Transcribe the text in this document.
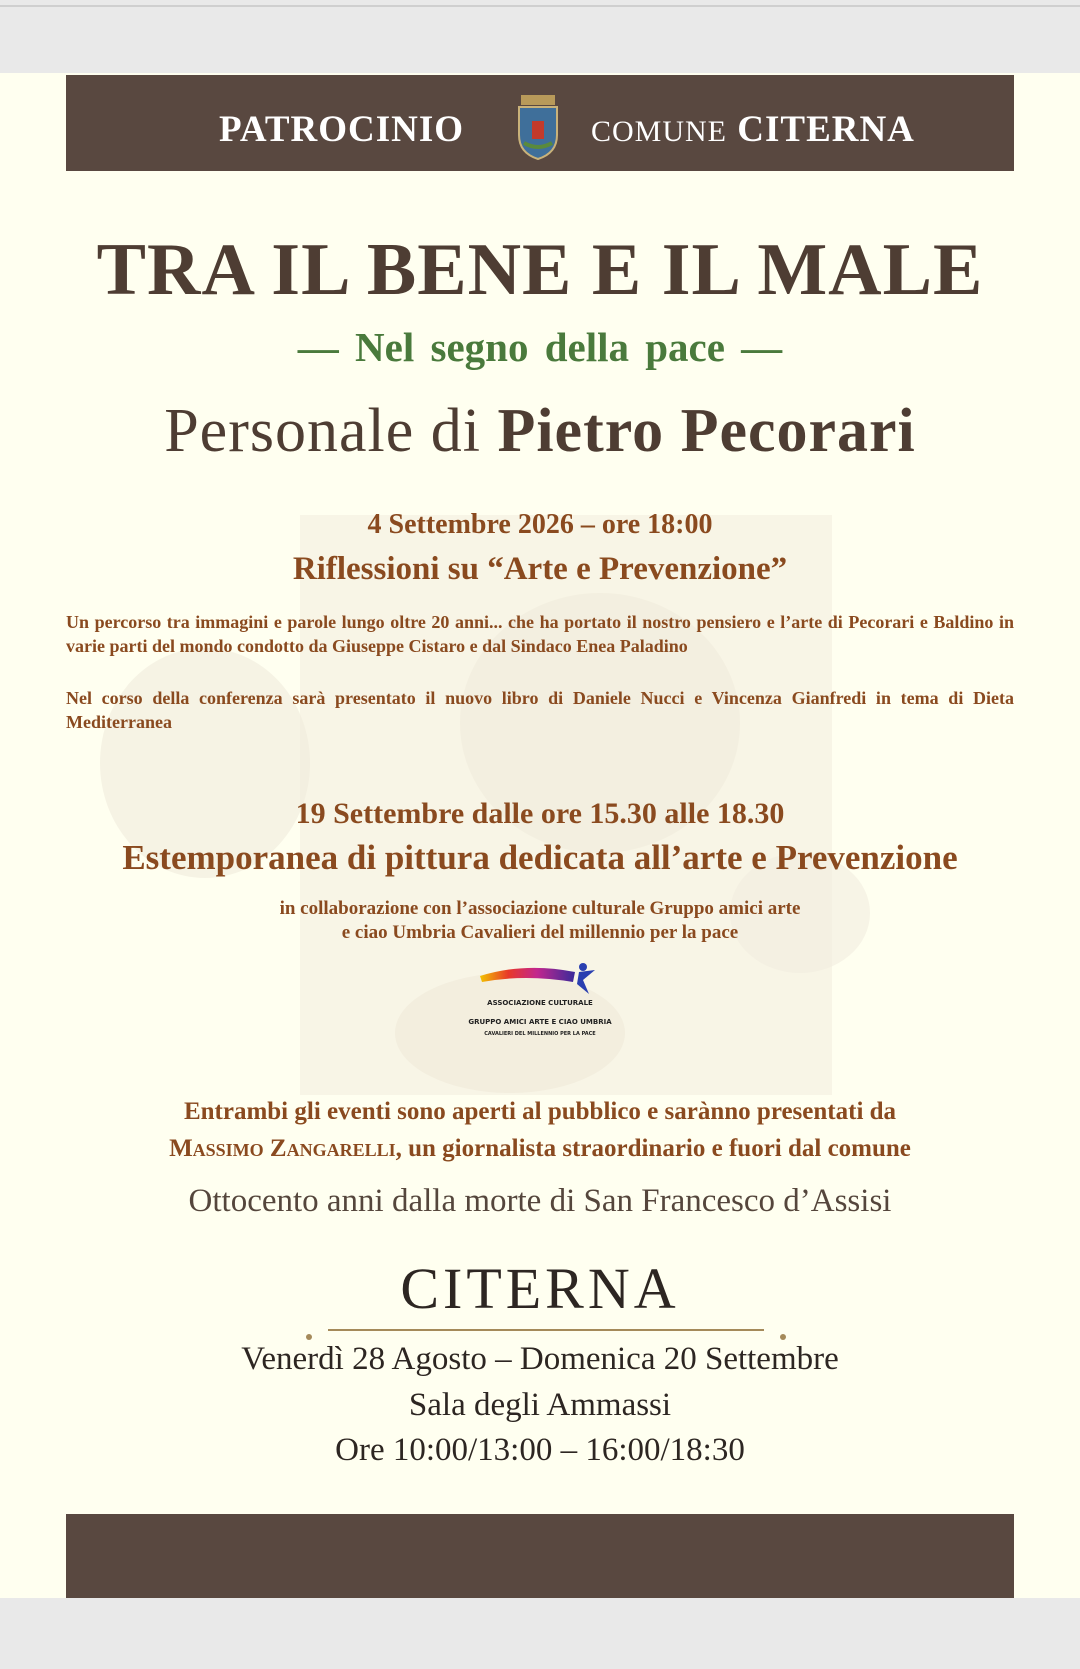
PATROCINIO	COMUNE CITERNA
TRA IL BENE E IL MALE
— Nel segno della pace —
Personale di Pietro Pecorari
4 Settembre 2026 – ore 18:00
Riflessioni su “Arte e Prevenzione”
Un percorso tra immagini e parole lungo oltre 20 anni... che ha portato il nostro pensiero e l’arte di Pecorari e Baldino in varie parti del mondo condotto da Giuseppe Cistaro e dal Sindaco Enea Paladino
Nel corso della conferenza sarà presentato il nuovo libro di Daniele Nucci e Vincenza Gianfredi in tema di Dieta Mediterranea
19 Settembre dalle ore 15.30 alle 18.30
Estemporanea di pittura dedicata all’arte e Prevenzione
in collaborazione con l’associazione culturale Gruppo amici arte
e ciao Umbria Cavalieri del millennio per la pace
ASSOCIAZIONE CULTURALE
GRUPPO AMICI ARTE E CIAO UMBRIA
CAVALIERI DEL MILLENNIO PER LA PACE
Entrambi gli eventi sono aperti al pubblico e sarànno presentati da
Massimo Zangarelli, un giornalista straordinario e fuori dal comune
Ottocento anni dalla morte di San Francesco d’Assisi
CITERNA
Venerdì 28 Agosto – Domenica 20 Settembre
Sala degli Ammassi
Ore 10:00/13:00 – 16:00/18:30
